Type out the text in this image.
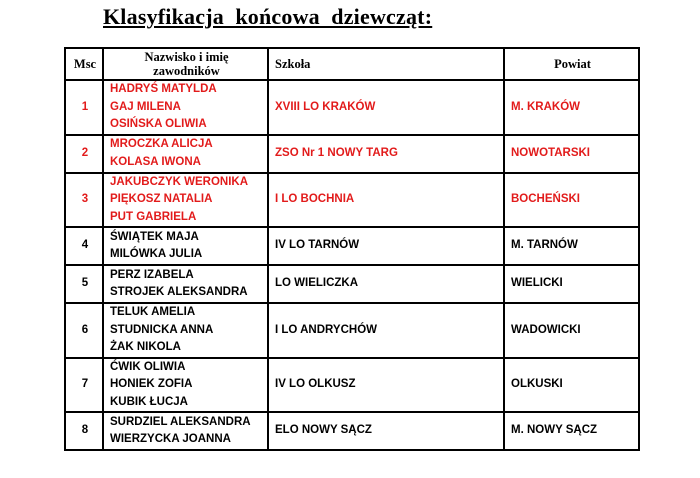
Klasyfikacja  końcowa  dziewcząt:
Msc	Nazwisko i imię
zawodników	Szkoła	Powiat
1	HADRYŚ MATYLDA
GAJ MILENA
OSIŃSKA OLIWIA	XVIII LO KRAKÓW	M. KRAKÓW
2	MROCZKA ALICJA
KOLASA IWONA	ZSO Nr 1 NOWY TARG	NOWOTARSKI
3	JAKUBCZYK WERONIKA
PIĘKOSZ NATALIA
PUT GABRIELA	I LO BOCHNIA	BOCHEŃSKI
4	ŚWIĄTEK MAJA
MILÓWKA JULIA	IV LO TARNÓW	M. TARNÓW
5	PERZ IZABELA
STROJEK ALEKSANDRA	LO WIELICZKA	WIELICKI
6	TELUK AMELIA
STUDNICKA ANNA
ŻAK NIKOLA	I LO ANDRYCHÓW	WADOWICKI
7	ĆWIK OLIWIA
HONIEK ZOFIA
KUBIK ŁUCJA	IV LO OLKUSZ	OLKUSKI
8	SURDZIEL ALEKSANDRA
WIERZYCKA JOANNA	ELO NOWY SĄCZ	M. NOWY SĄCZ
